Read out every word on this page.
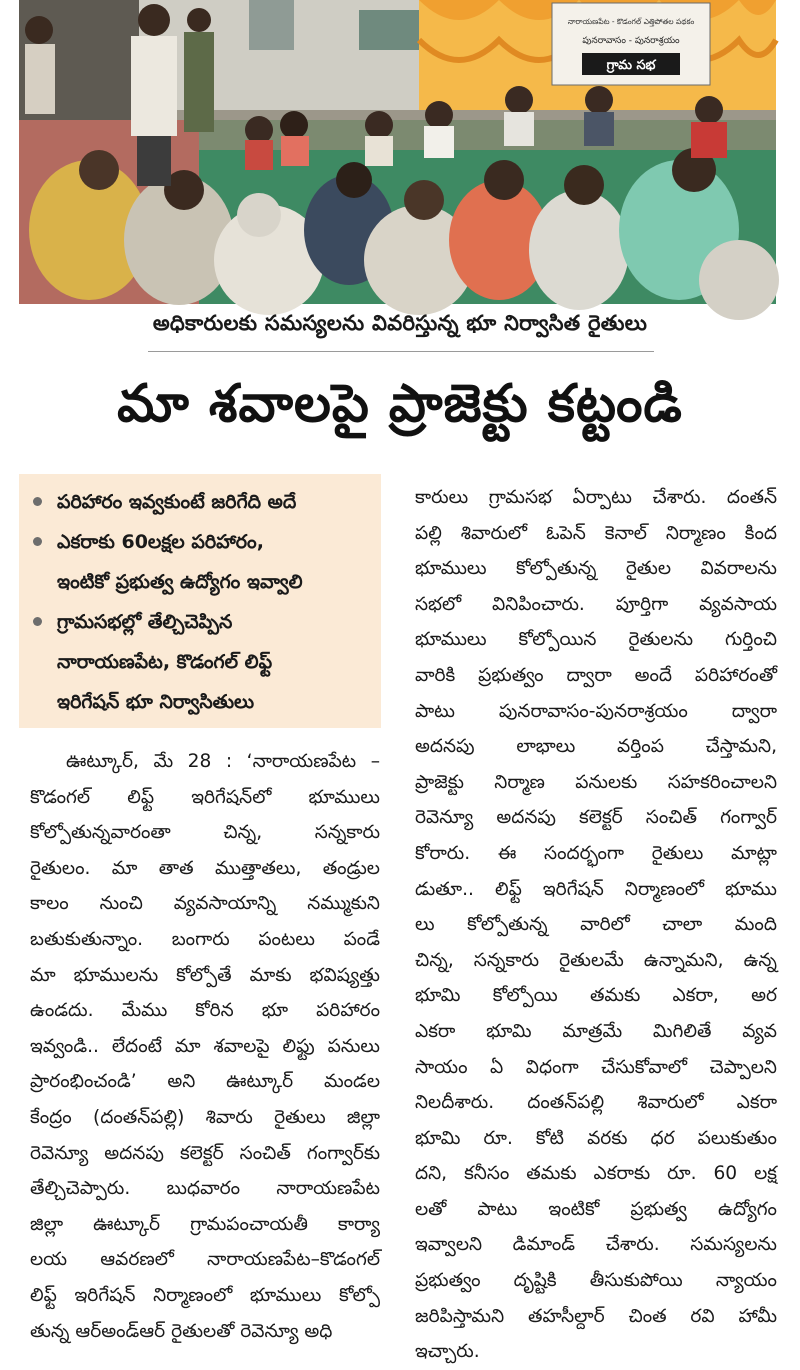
నారాయణపేట - కొడంగల్ ఎత్తిపోతల పథకం
పునరావాసం - పునరాశ్రయం
గ్రామ సభ
అధికారులకు సమస్యలను వివరిస్తున్న భూ నిర్వాసిత రైతులు
మా శవాలపై ప్రాజెక్టు కట్టండి
పరిహారం ఇవ్వకుంటే జరిగేది అదే
ఎకరాకు 60లక్షల పరిహారం,
ఇంటికో ప్రభుత్వ ఉద్యోగం ఇవ్వాలి
గ్రామసభల్లో తేల్చిచెప్పిన
నారాయణపేట, కొడంగల్ లిఫ్ట్
ఇరిగేషన్ భూ నిర్వాసితులు
ఊట్కూర్, మే 28 : ‘నారాయణపేట –
కొడంగల్ లిఫ్ట్ ఇరిగేషన్‌లో భూములు
కోల్పోతున్నవారంతా చిన్న, సన్నకారు
రైతులం. మా తాత ముత్తాతలు, తండ్రుల
కాలం నుంచి వ్యవసాయాన్ని నమ్ముకుని
బతుకుతున్నాం. బంగారు పంటలు పండే
మా భూములను కోల్పోతే మాకు భవిష్యత్తు
ఉండదు. మేము కోరిన భూ పరిహారం
ఇవ్వండి.. లేదంటే మా శవాలపై లిఫ్టు పనులు
ప్రారంభించండి’ అని ఊట్కూర్ మండల
కేంద్రం (దంతన్‌పల్లి) శివారు రైతులు జిల్లా
రెవెన్యూ అదనపు కలెక్టర్ సంచిత్ గంగ్వార్‌కు
తేల్చిచెప్పారు. బుధవారం నారాయణపేట
జిల్లా ఊట్కూర్ గ్రామపంచాయతీ కార్యా
లయ ఆవరణలో నారాయణపేట–కొడంగల్
లిఫ్ట్ ఇరిగేషన్ నిర్మాణంలో భూములు కోల్పో
తున్న ఆర్‌అండ్‌ఆర్ రైతులతో రెవెన్యూ అధి
కారులు గ్రామసభ ఏర్పాటు చేశారు. దంతన్
పల్లి శివారులో ఓపెన్ కెనాల్ నిర్మాణం కింద
భూములు కోల్పోతున్న రైతుల వివరాలను
సభలో వినిపించారు. పూర్తిగా వ్యవసాయ
భూములు కోల్పోయిన రైతులను గుర్తించి
వారికి ప్రభుత్వం ద్వారా అందే పరిహారంతో
పాటు పునరావాసం-పునరాశ్రయం ద్వారా
అదనపు లాభాలు వర్తింప చేస్తామని,
ప్రాజెక్టు నిర్మాణ పనులకు సహకరించాలని
రెవెన్యూ అదనపు కలెక్టర్ సంచిత్ గంగ్వార్
కోరారు. ఈ సందర్భంగా రైతులు మాట్లా
డుతూ.. లిఫ్ట్ ఇరిగేషన్ నిర్మాణంలో భూము
లు కోల్పోతున్న వారిలో చాలా మంది
చిన్న, సన్నకారు రైతులమే ఉన్నామని, ఉన్న
భూమి కోల్పోయి తమకు ఎకరా, అర
ఎకరా భూమి మాత్రమే మిగిలితే వ్యవ
సాయం ఏ విధంగా చేసుకోవాలో చెప్పాలని
నిలదీశారు. దంతన్‌పల్లి శివారులో ఎకరా
భూమి రూ. కోటి వరకు ధర పలుకుతుం
దని, కనీసం తమకు ఎకరాకు రూ. 60 లక్ష
లతో పాటు ఇంటికో ప్రభుత్వ ఉద్యోగం
ఇవ్వాలని డిమాండ్ చేశారు. సమస్యలను
ప్రభుత్వం దృష్టికి తీసుకుపోయి న్యాయం
జరిపిస్తామని తహసీల్దార్ చింత రవి హామీ
ఇచ్చారు.
